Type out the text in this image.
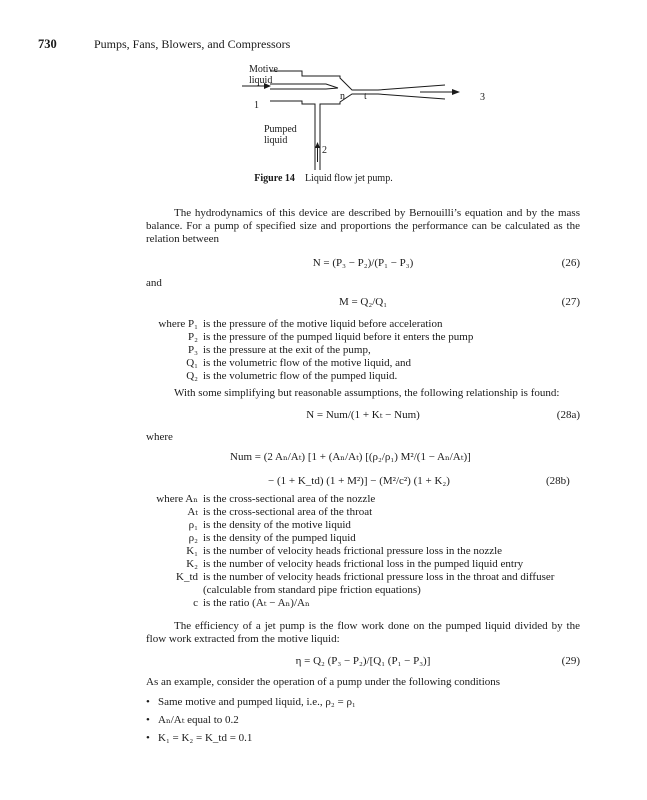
730	Pumps, Fans, Blowers, and Compressors
Motive
liquid
1
n t	3
Pumped
liquid
2
Figure 14 Liquid flow jet pump.
The hydrodynamics of this device are described by Bernouilli’s equation and by the mass balance. For a pump of specified size and proportions the performance can be calculated as the relation between
N = (P₃ − P₂)/(P₁ − P₃)	(26)
and
M = Q₂/Q₁	(27)
where P₁ is the pressure of the motive liquid before acceleration
P₂ is the pressure of the pumped liquid before it enters the pump
P₃ is the pressure at the exit of the pump,
Q₁ is the volumetric flow of the motive liquid, and
Q₂ is the volumetric flow of the pumped liquid.
With some simplifying but reasonable assumptions, the following relationship is found:
N = Num/(1 + Kₜ − Num)	(28a)
where
Num = (2 Aₙ/Aₜ) [1 + (Aₙ/Aₜ) [(ρ₂/ρ₁) M²/(1 − Aₙ/Aₜ)]
− (1 + K_td) (1 + M²)] − (M²/c²) (1 + K₂)	(28b)
where Aₙ is the cross-sectional area of the nozzle
Aₜ is the cross-sectional area of the throat
ρ₁ is the density of the motive liquid
ρ₂ is the density of the pumped liquid
K₁ is the number of velocity heads frictional pressure loss in the nozzle
K₂ is the number of velocity heads frictional loss in the pumped liquid entry
K_td is the number of velocity heads frictional pressure loss in the throat and diffuser
(calculable from standard pipe friction equations)
c is the ratio (Aₜ − Aₙ)/Aₙ
The efficiency of a jet pump is the flow work done on the pumped liquid divided by the flow work extracted from the motive liquid:
η = Q₂ (P₃ − P₂)/[Q₁ (P₁ − P₃)]	(29)
As an example, consider the operation of a pump under the following conditions
• Same motive and pumped liquid, i.e., ρ₂ = ρ₁
• Aₙ/Aₜ equal to 0.2
• K₁ = K₂ = K_td = 0.1
